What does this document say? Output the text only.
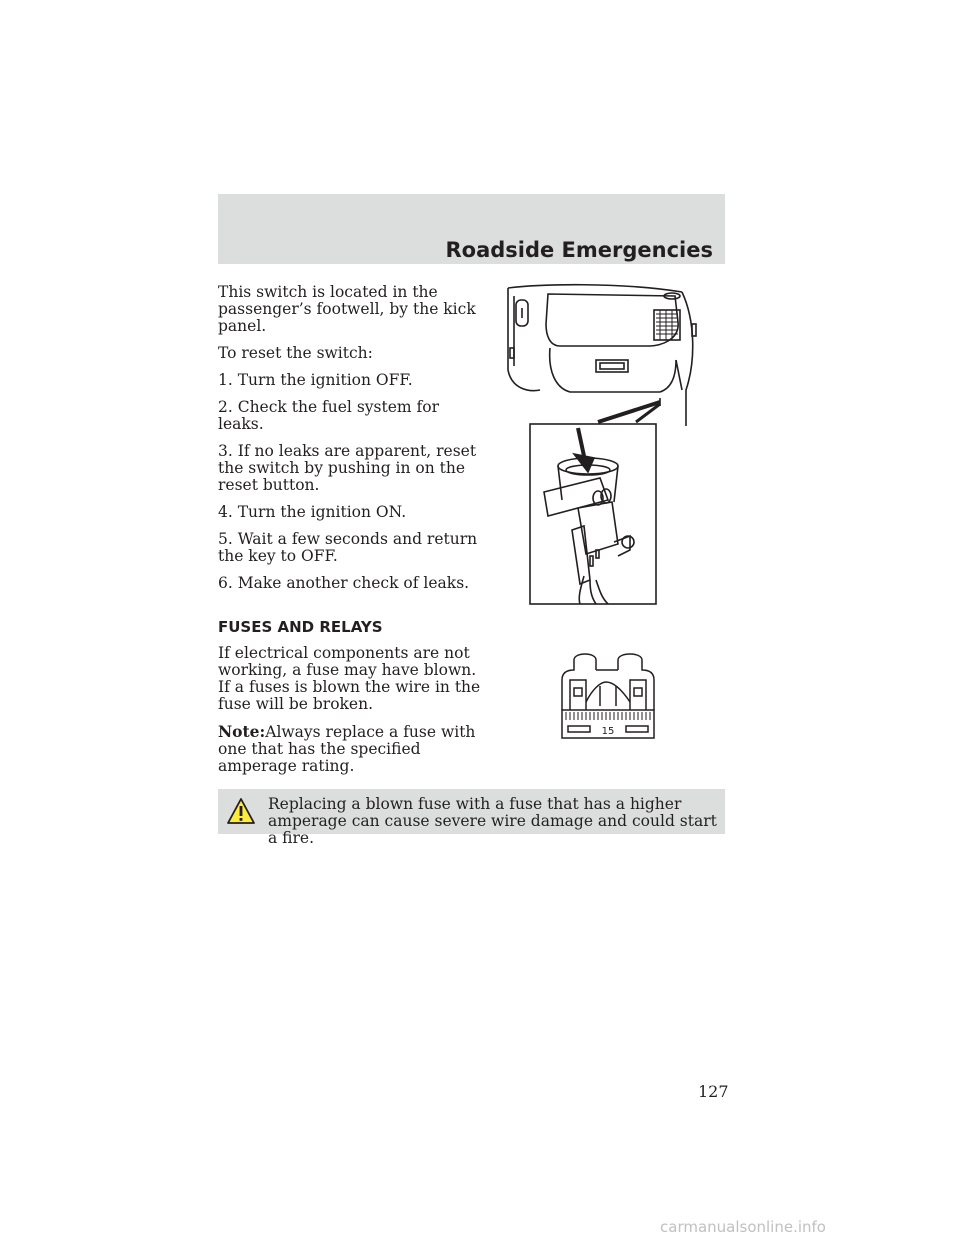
Roadside Emergencies

This switch is located in the passenger’s footwell, by the kick panel.

To reset the switch:

1. Turn the ignition OFF.

2. Check the fuel system for leaks.

3. If no leaks are apparent, reset the switch by pushing in on the reset button.

4. Turn the ignition ON.

5. Wait a few seconds and return the key to OFF.

6. Make another check of leaks.

FUSES AND RELAYS

If electrical components are not working, a fuse may have blown. If a fuses is blown the wire in the fuse will be broken.

Note:Always replace a fuse with one that has the specified amperage rating.

15
Replacing a blown fuse with a fuse that has a higher amperage can cause severe wire damage and could start a fire.
127
carmanualsonline.info
